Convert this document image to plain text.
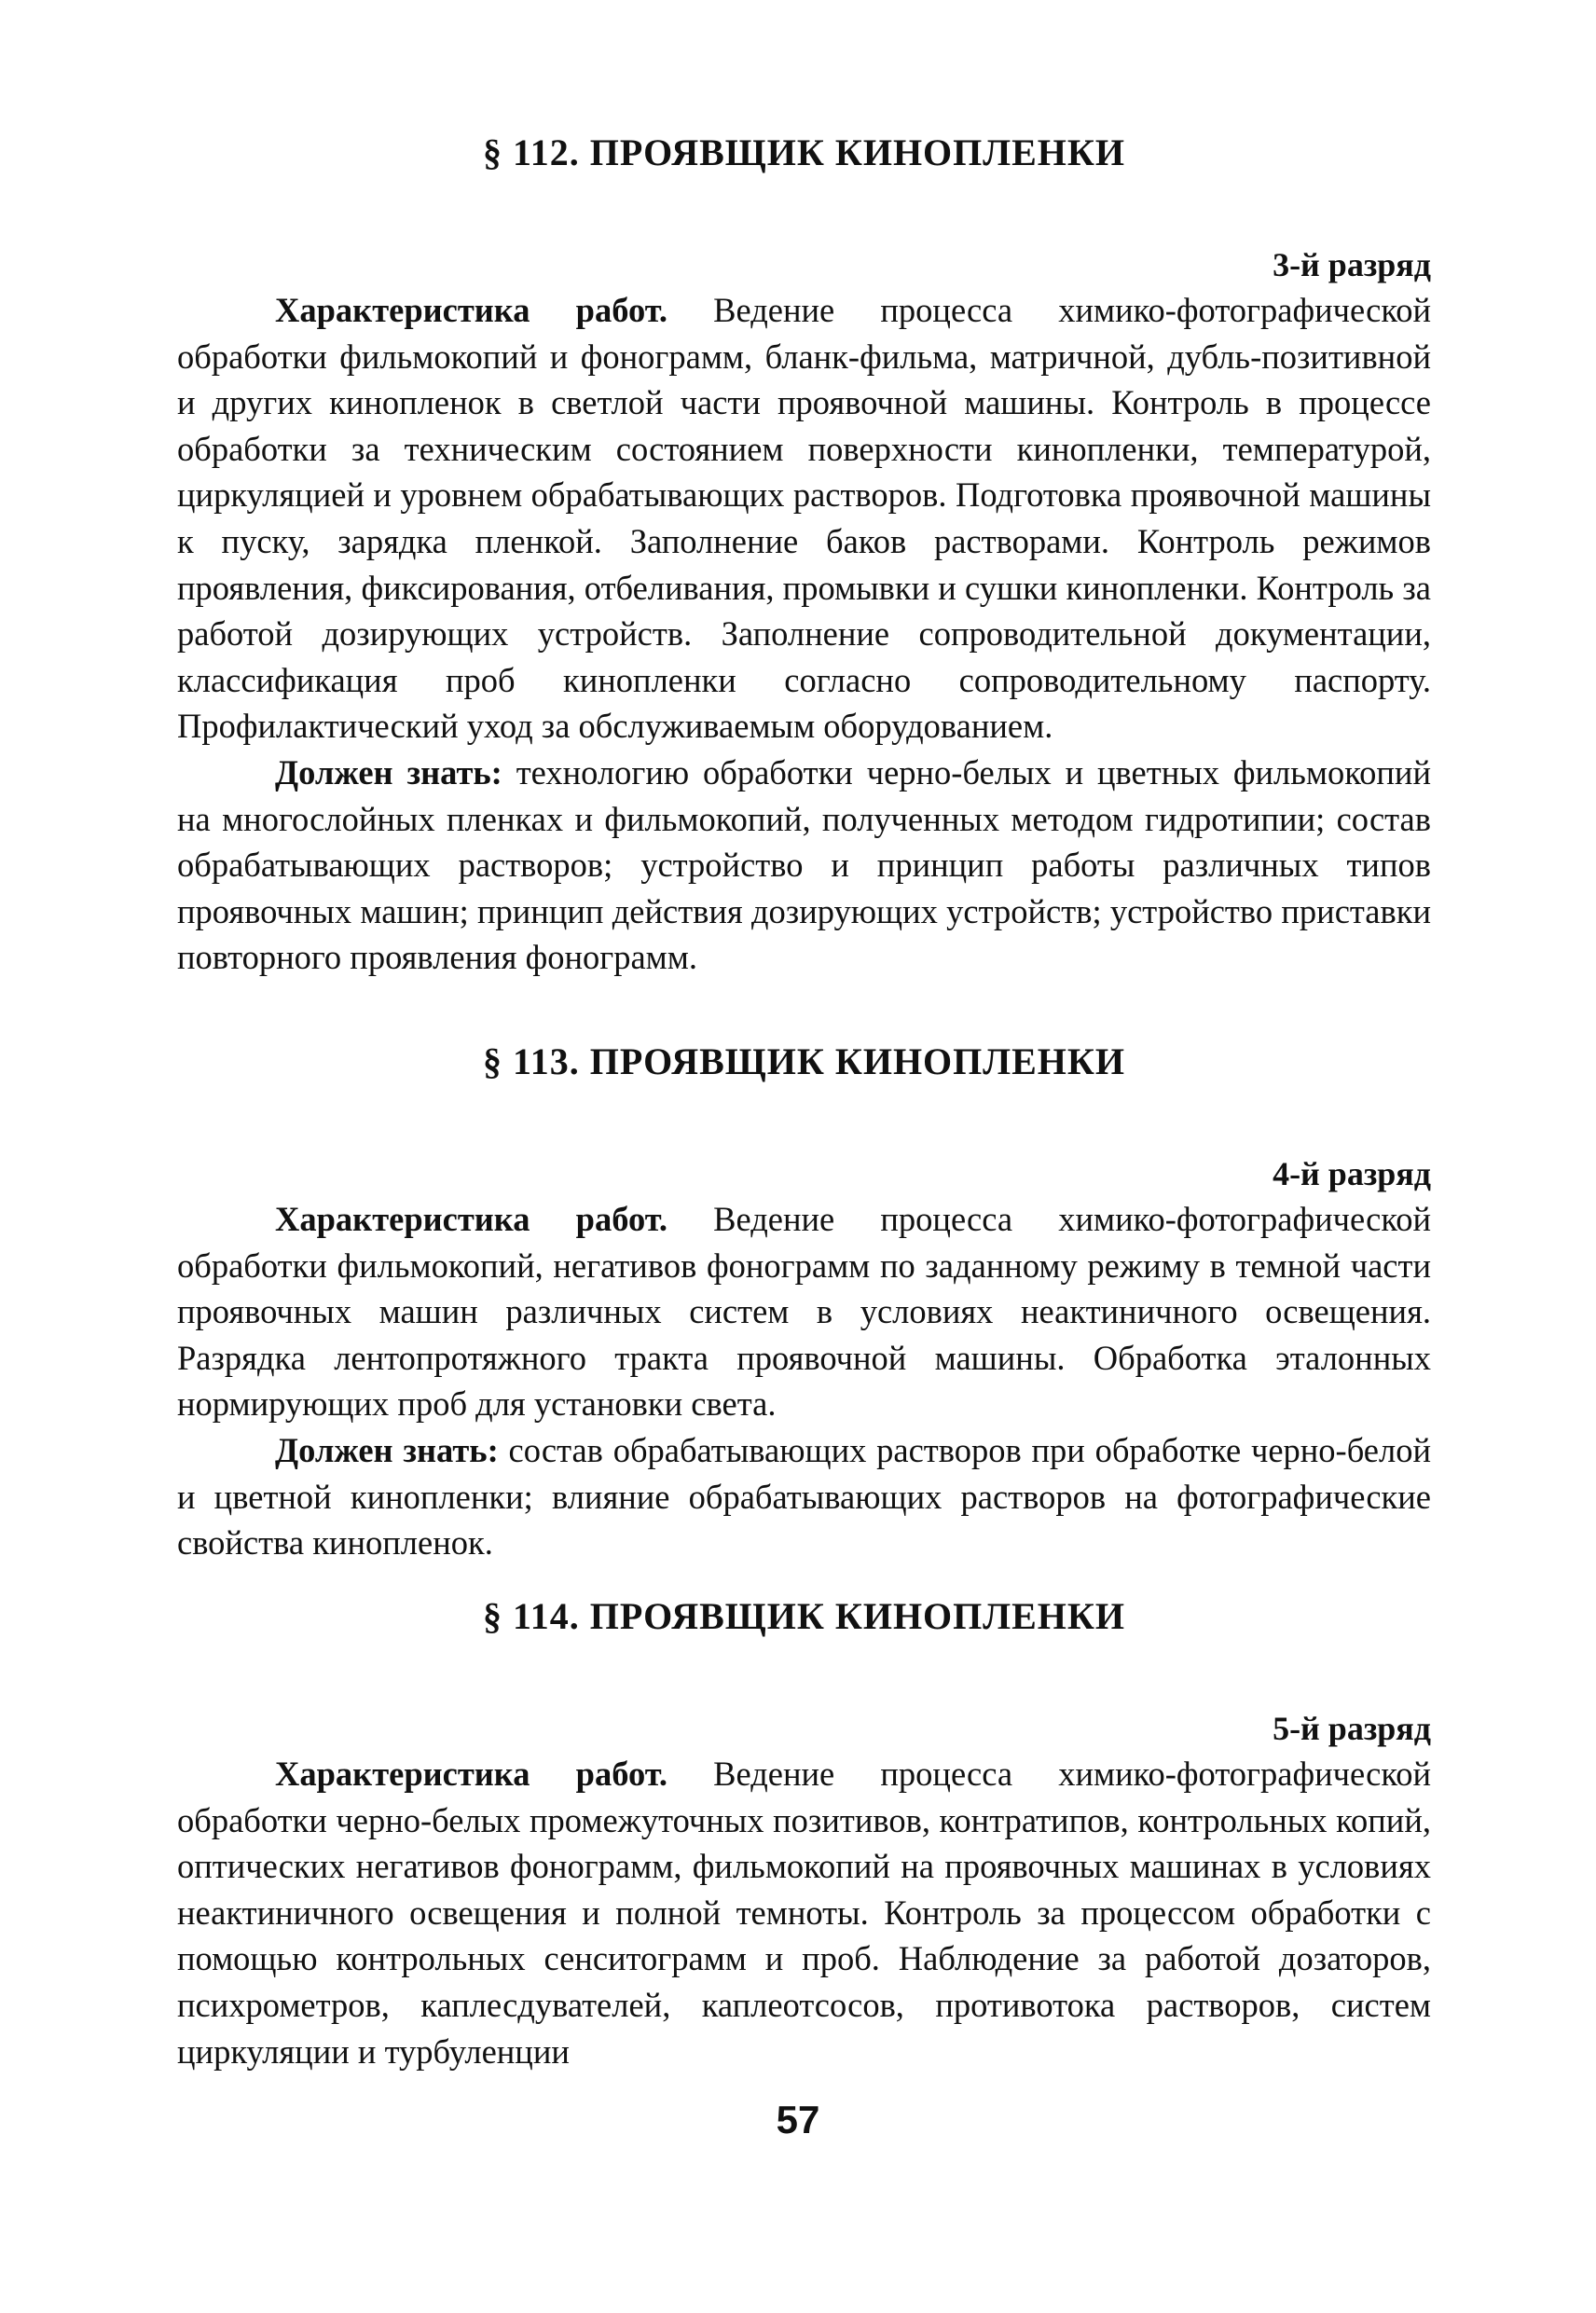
§ 112. ПРОЯВЩИК КИНОПЛЕНКИ

3-й разряд

Характеристика работ. Ведение процесса химико-фотографической обработки фильмокопий и фонограмм, бланк-фильма, матричной, дубль-позитивной и других кинопленок в светлой части проявочной машины. Контроль в процессе обработки за техническим состоянием поверхности кинопленки, температурой, циркуляцией и уровнем обрабатывающих растворов. Подготовка проявочной машины к пуску, зарядка пленкой. Заполнение баков растворами. Контроль режимов проявления, фиксирования, отбеливания, промывки и сушки кинопленки. Контроль за работой дозирующих устройств. Заполнение сопроводительной документации, классификация проб кинопленки согласно сопроводительному паспорту. Профилактический уход за обслуживаемым оборудованием.

Должен знать: технологию обработки черно-белых и цветных фильмокопий на многослойных пленках и фильмокопий, полученных методом гидротипии; состав обрабатывающих растворов; устройство и принцип работы различных типов проявочных машин; принцип действия дозирующих устройств; устройство приставки повторного проявления фонограмм.

§ 113. ПРОЯВЩИК КИНОПЛЕНКИ

4-й разряд

Характеристика работ. Ведение процесса химико-фотографической обработки фильмокопий, негативов фонограмм по заданному режиму в темной части проявочных машин различных систем в условиях неактиничного освещения. Разрядка лентопротяжного тракта проявочной машины. Обработка эталонных нормирующих проб для установки света.

Должен знать: состав обрабатывающих растворов при обработке черно-белой и цветной кинопленки; влияние обрабатывающих растворов на фотографические свойства кинопленок.

§ 114. ПРОЯВЩИК КИНОПЛЕНКИ

5-й разряд

Характеристика работ. Ведение процесса химико-фотографической обработки черно-белых промежуточных позитивов, контратипов, контрольных копий, оптических негативов фонограмм, фильмокопий на проявочных машинах в условиях неактиничного освещения и полной темноты. Контроль за процессом обработки с помощью контрольных сенситограмм и проб. Наблюдение за работой дозаторов, психрометров, каплесдувателей, каплеотсосов, противотока растворов, систем циркуляции и турбуленции

57
